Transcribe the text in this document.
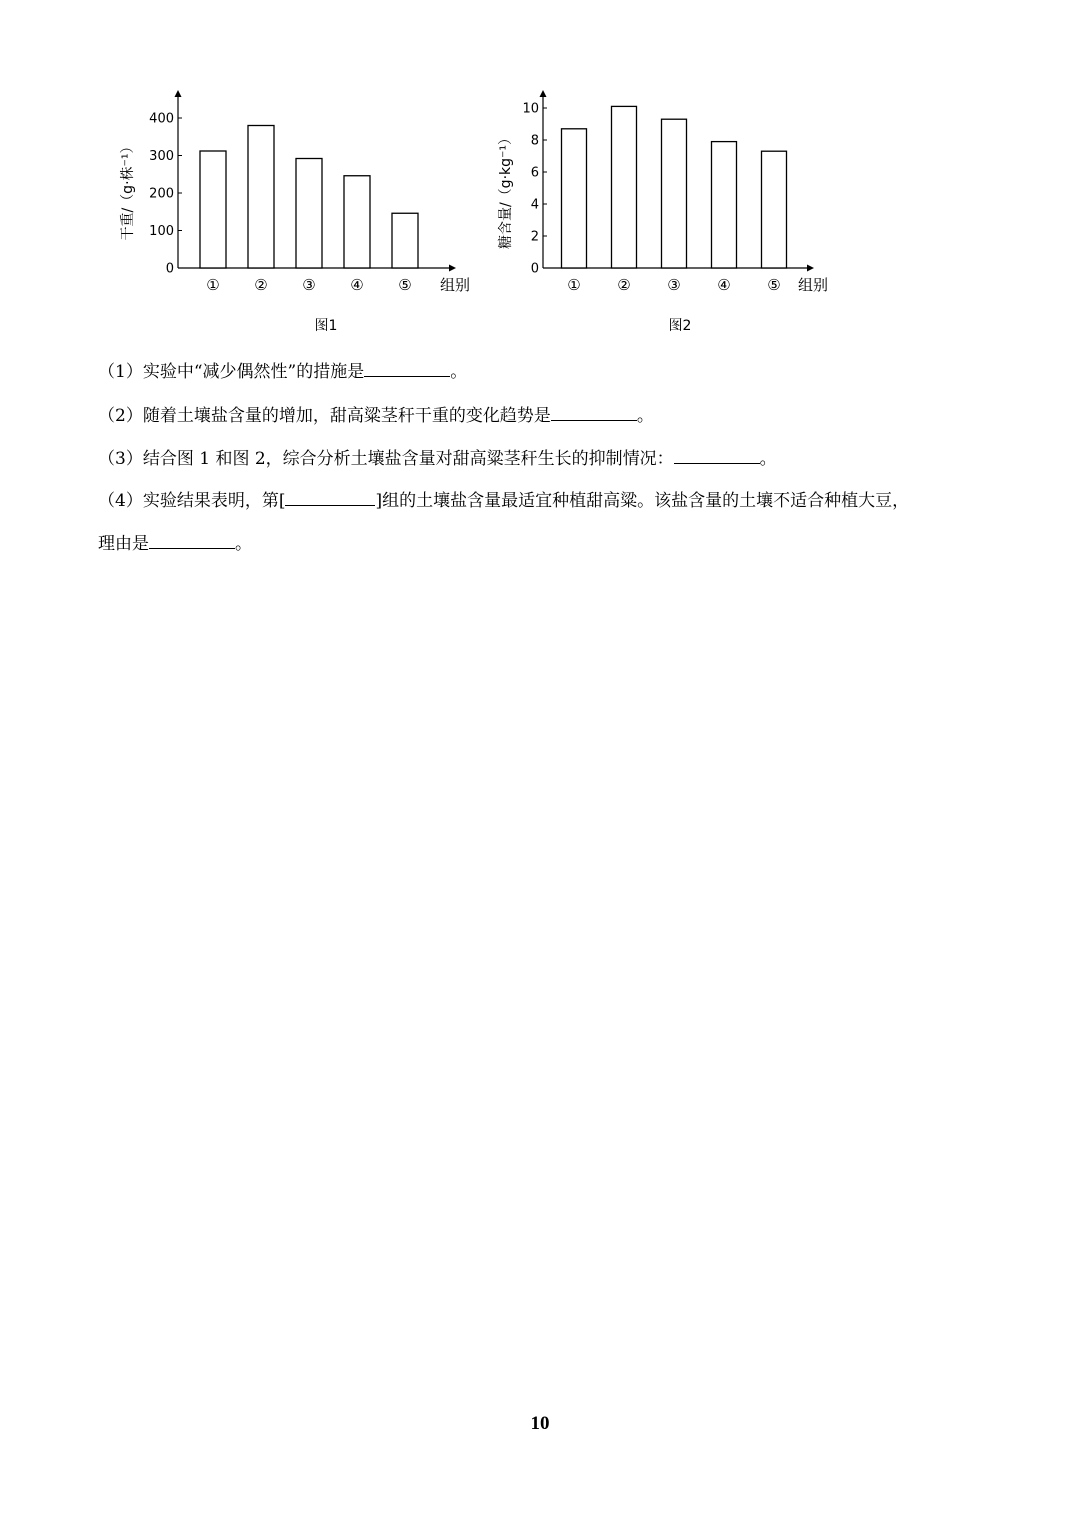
0
100
200
300
400
① ② ③ ④ ⑤ 组别
干重/（g·株⁻¹）
图1
0
2
4
6
8
10
① ② ③ ④ ⑤ 组别
糖含量/（g·kg⁻¹）
图2
（1）实验中“减少偶然性”的措施是	。
（2）随着土壤盐含量的增加，甜高粱茎秆干重的变化趋势是	。
（3）结合图 1 和图 2，综合分析土壤盐含量对甜高粱茎秆生长的抑制情况：	。
（4）实验结果表明，第[	]组的土壤盐含量最适宜种植甜高粱。该盐含量的土壤不适合种植大豆，
理由是	。
10
